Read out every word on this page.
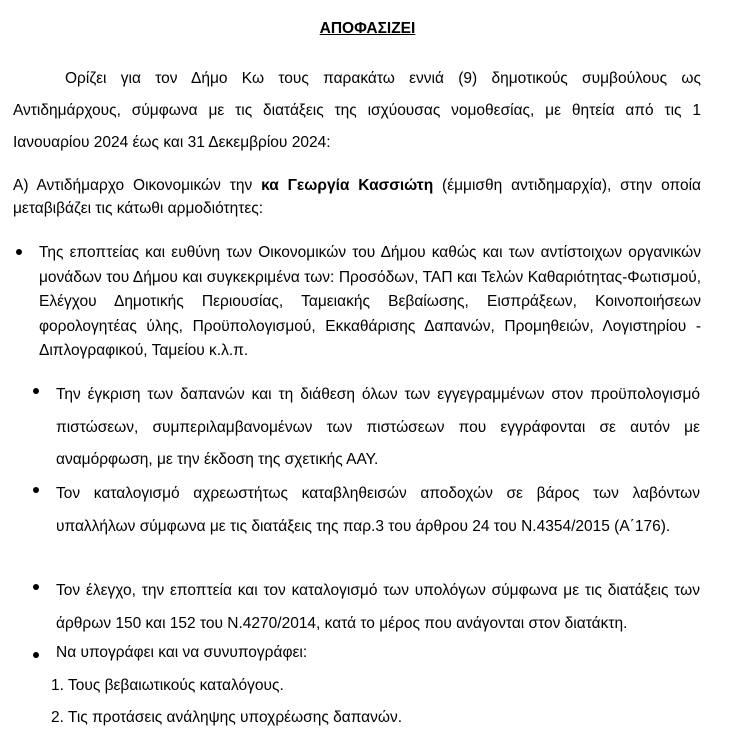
ΑΠΟΦΑΣΙΖΕΙ
Ορίζει για τον Δήμο Κω τους παρακάτω εννιά (9) δημοτικούς συμβούλους ως Αντιδημάρχους, σύμφωνα με τις διατάξεις της ισχύουσας νομοθεσίας, με θητεία από τις 1 Ιανουαρίου 2024 έως και 31 Δεκεμβρίου 2024:
Α) Αντιδήμαρχο Οικονομικών την κα Γεωργία Κασσιώτη (έμμισθη αντιδημαρχία), στην οποία μεταβιβάζει τις κάτωθι αρμοδιότητες:
Της εποπτείας και ευθύνη των Οικονομικών του Δήμου καθώς και των αντίστοιχων οργανικών μονάδων του Δήμου και συγκεκριμένα των: Προσόδων, ΤΑΠ και Τελών Καθαριότητας-Φωτισμού, Ελέγχου Δημοτικής Περιουσίας, Ταμειακής Βεβαίωσης, Εισπράξεων, Κοινοποιήσεων φορολογητέας ύλης, Προϋπολογισμού, Εκκαθάρισης Δαπανών, Προμηθειών, Λογιστηρίου - Διπλογραφικού, Ταμείου κ.λ.π.
Την έγκριση των δαπανών και τη διάθεση όλων των εγγεγραμμένων στον προϋπολογισμό πιστώσεων, συμπεριλαμβανομένων των πιστώσεων που εγγράφονται σε αυτόν με αναμόρφωση, με την έκδοση της σχετικής ΑΑΥ.
Τον καταλογισμό αχρεωστήτως καταβληθεισών αποδοχών σε βάρος των λαβόντων υπαλλήλων σύμφωνα με τις διατάξεις της παρ.3 του άρθρου 24 του Ν.4354/2015 (Α΄176).
Τον έλεγχο, την εποπτεία και τον καταλογισμό των υπολόγων σύμφωνα με τις διατάξεις των άρθρων 150 και 152 του Ν.4270/2014, κατά το μέρος που ανάγονται στον διατάκτη.
Να υπογράφει και να συνυπογράφει:
1. Τους βεβαιωτικούς καταλόγους.
2. Τις προτάσεις ανάληψης υποχρέωσης δαπανών.
